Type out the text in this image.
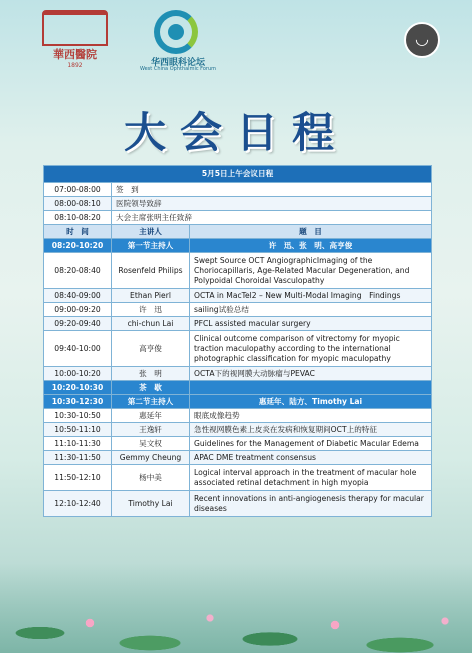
華西醫院
1892	华西眼科论坛
West China Ophthalmic Forum
◡
大会日程
5月5日上午会议日程		
07:00-08:00	签　到	
08:00-08:10	医院领导致辞	
08:10-08:20	大会主席张明主任致辞	
时　间	主讲人	题　目
08:20-10:20	第一节主持人	许　迅、张　明、高亨俊
08:20-08:40	Rosenfeld Philips	Swept Source OCT AngiographicImaging of the Choriocapillaris, Age-Related Macular Degeneration, and Polypoidal Choroidal Vasculopathy
08:40-09:00	Ethan Pierl	OCTA in MacTel2 – New Multi-Modal Imaging　Findings
09:00-09:20	许　迅	sailing试验总结
09:20-09:40	chi-chun Lai	PFCL assisted macular surgery
09:40-10:00	高亨俊	Clinical outcome comparison of vitrectomy for myopic traction maculopathy according to the international photographic classification for myopic maculopathy
10:00-10:20	张　明	OCTA下的视网膜大动脉瘤与PEVAC
10:20-10:30	茶　歇	
10:30-12:30	第二节主持人	惠延年、陆方、Timothy Lai
10:30-10:50	惠延年	眼底成像趋势
10:50-11:10	王逸轩	急性视网膜色素上皮炎在发病和恢复期间OCT上的特征
11:10-11:30	吴文权	Guidelines for the Management of Diabetic Macular Edema
11:30-11:50	Gemmy Cheung	APAC DME treatment consensus
11:50-12:10	杨中美	Logical interval approach in the treatment of macular hole associated retinal detachment in high myopia
12:10-12:40	Timothy Lai	Recent innovations in anti-angiogenesis therapy for macular diseases
